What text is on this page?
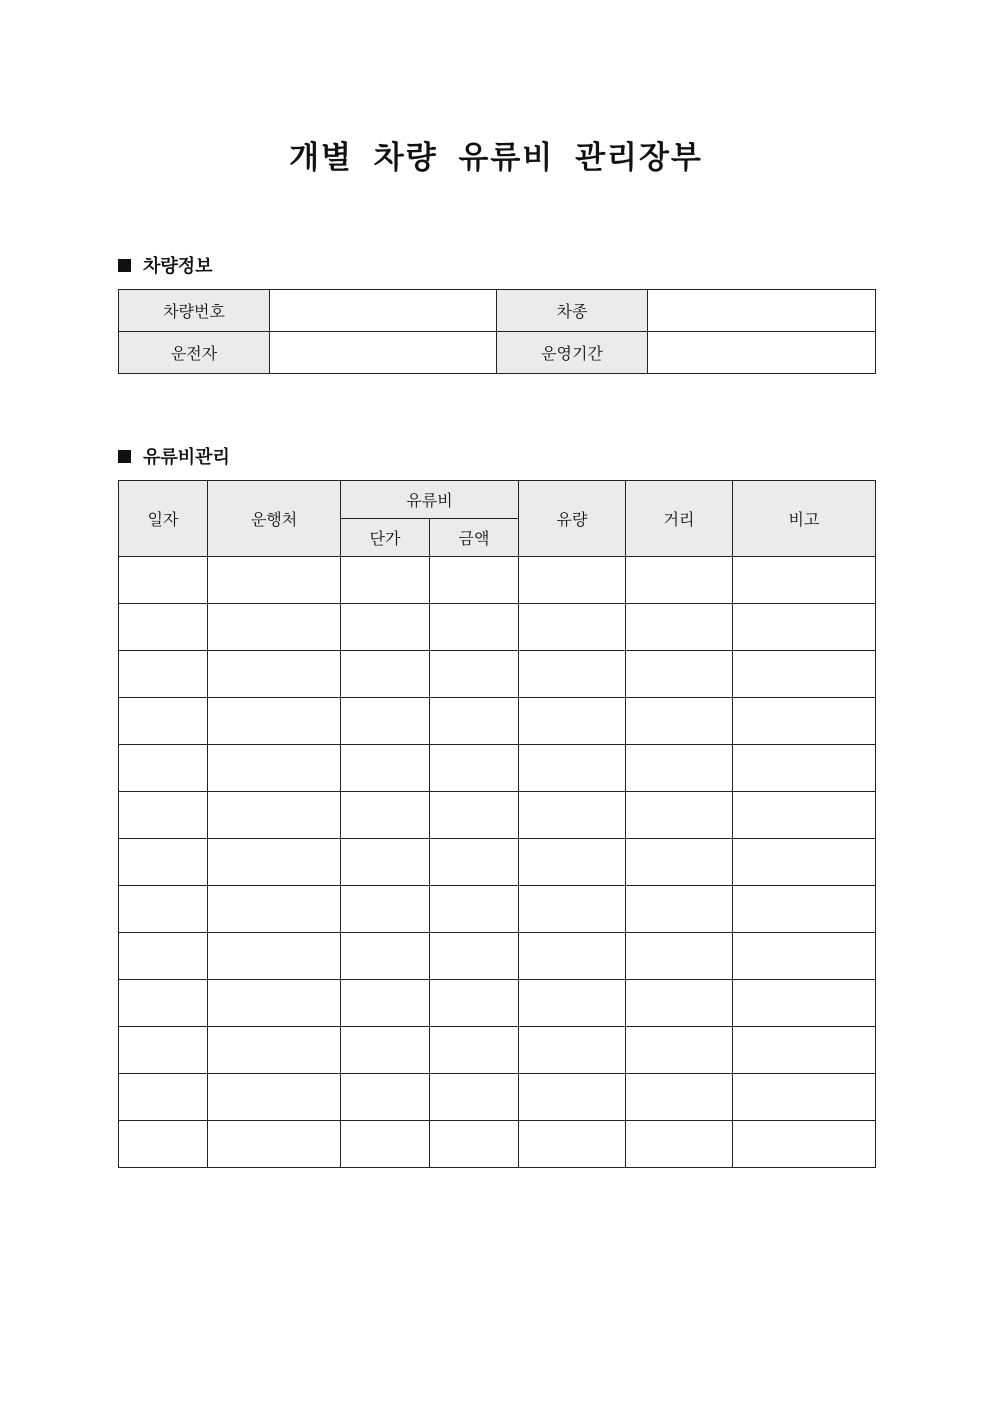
개별 차량 유류비 관리장부
차량정보
차량번호		차종	
운전자		운영기간	
유류비관리
일자	운행처	유류비		유량	거리	비고
		단가	금액			
